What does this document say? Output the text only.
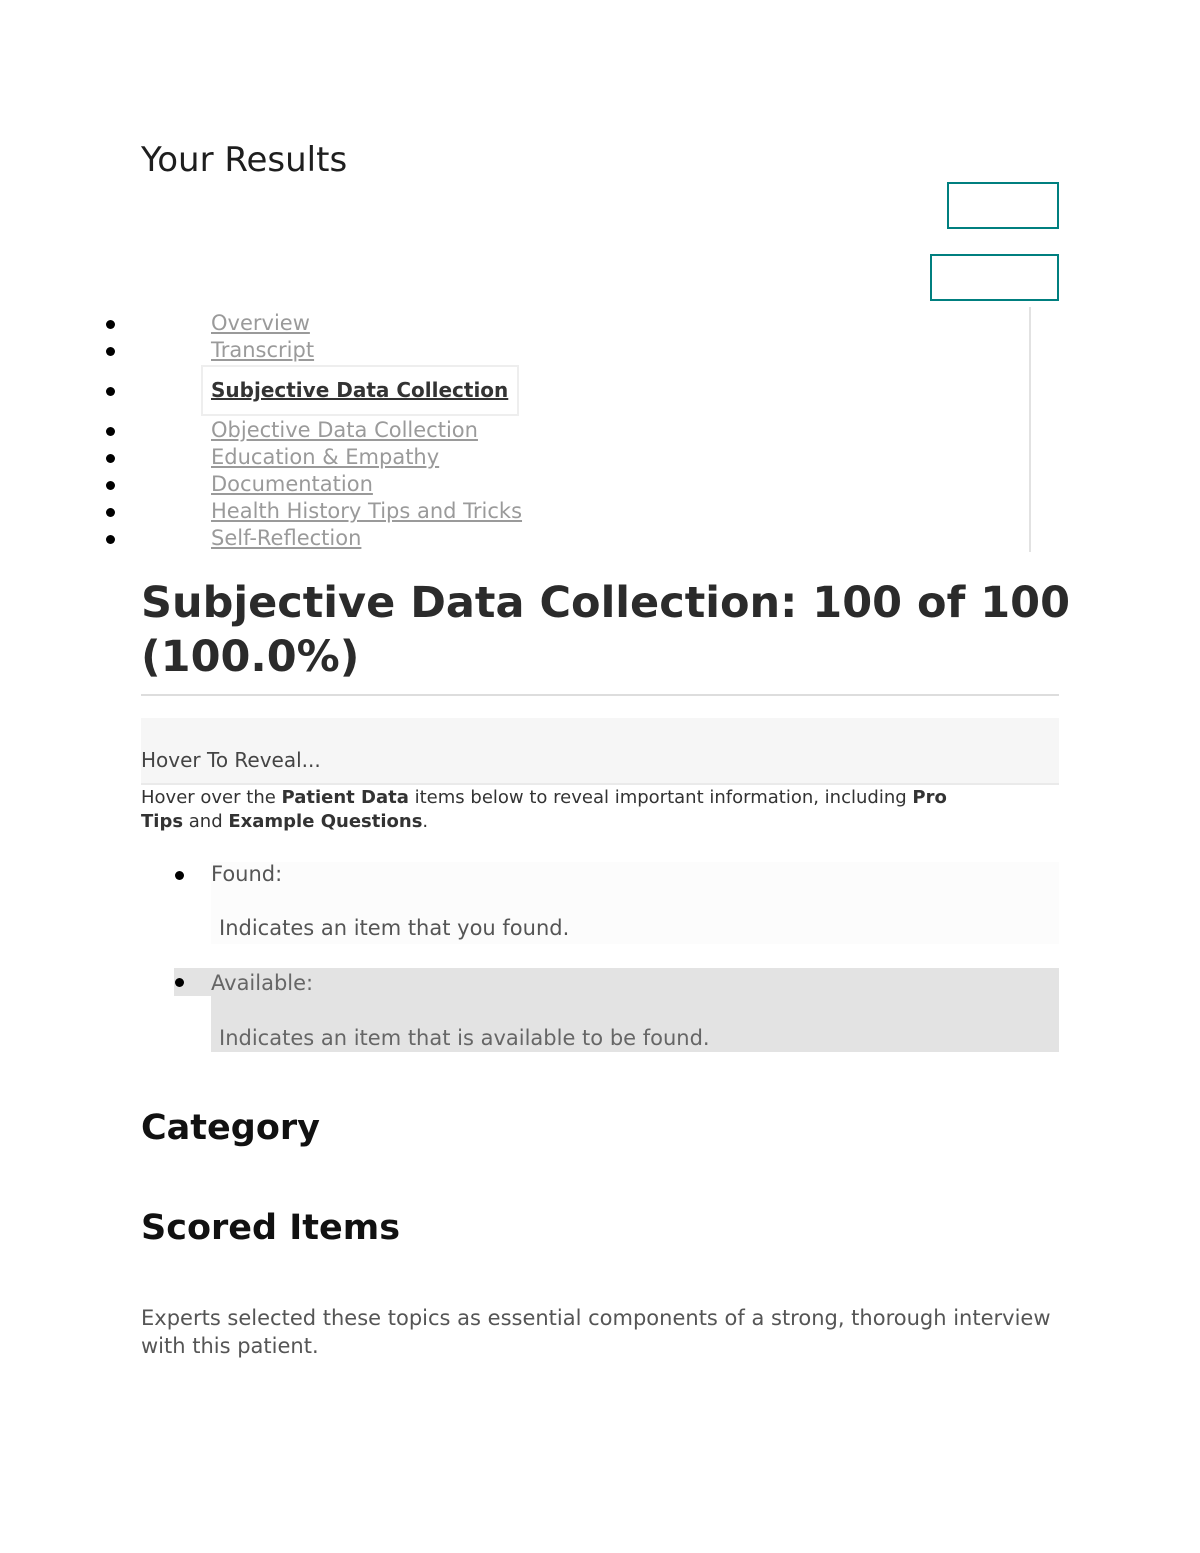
Your Results
Overview
Transcript
Subjective Data Collection
Objective Data Collection
Education & Empathy
Documentation
Health History Tips and Tricks
Self-Reflection
Subjective Data Collection: 100 of 100 (100.0%)
Hover To Reveal...
Hover over the Patient Data items below to reveal important information, including Pro Tips and Example Questions.
Found:
Indicates an item that you found.
Available:
Indicates an item that is available to be found.
Category
Scored Items

Experts selected these topics as essential components of a strong, thorough interview with this patient.
